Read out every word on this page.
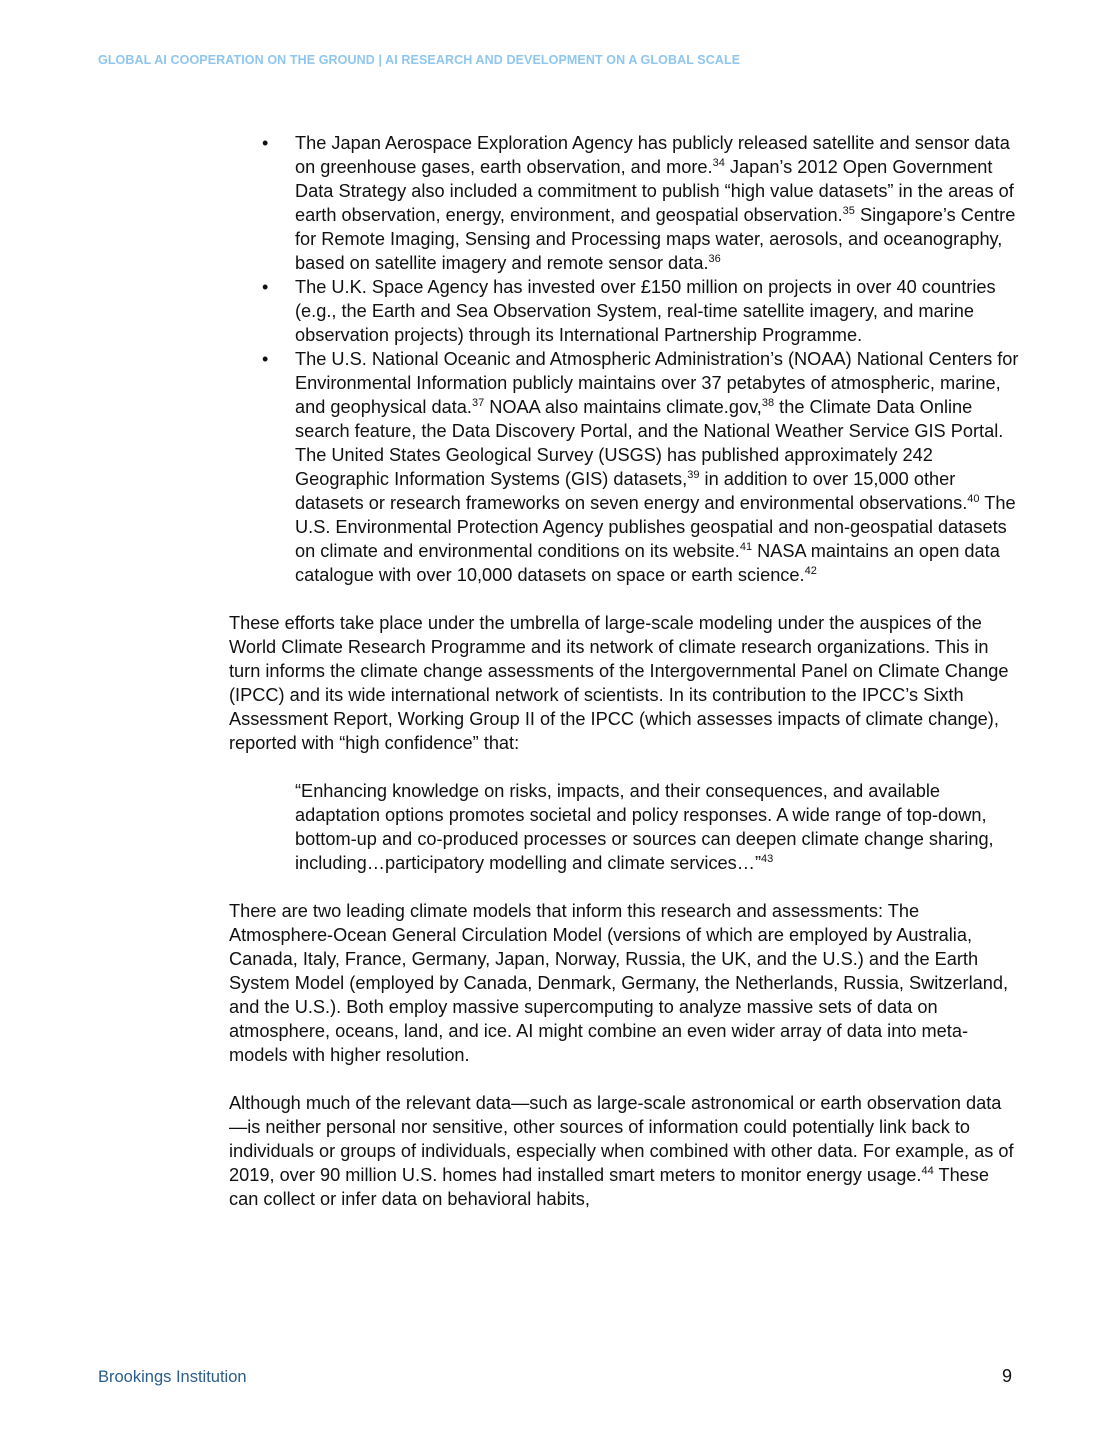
GLOBAL AI COOPERATION ON THE GROUND | AI RESEARCH AND DEVELOPMENT ON A GLOBAL SCALE
• The Japan Aerospace Exploration Agency has publicly released satellite and sensor data on greenhouse gases, earth observation, and more.$^{34}$ Japan’s 2012 Open Government Data Strategy also included a commitment to publish “high value datasets” in the areas of earth observation, energy, environment, and geospatial observation.$^{35}$ Singapore’s Centre for Remote Imaging, Sensing and Processing maps water, aerosols, and oceanography, based on satellite imagery and remote sensor data.$^{36}$
• The U.K. Space Agency has invested over £150 million on projects in over 40 countries (e.g., the Earth and Sea Observation System, real-time satellite imagery, and marine observation projects) through its International Partnership Programme.
• The U.S. National Oceanic and Atmospheric Administration’s (NOAA) National Centers for Environmental Information publicly maintains over 37 petabytes of atmospheric, marine, and geophysical data.$^{37}$ NOAA also maintains climate.gov,$^{38}$ the Climate Data Online search feature, the Data Discovery Portal, and the National Weather Service GIS Portal. The United States Geological Survey (USGS) has published approximately 242 Geographic Information Systems (GIS) datasets,$^{39}$ in addition to over 15,000 other datasets or research frameworks on seven energy and environmental observations.$^{40}$ The U.S. Environmental Protection Agency publishes geospatial and non-geospatial datasets on climate and environmental conditions on its website.$^{41}$ NASA maintains an open data catalogue with over 10,000 datasets on space or earth science.$^{42}$

These efforts take place under the umbrella of large-scale modeling under the auspices of the World Climate Research Programme and its network of climate research organizations. This in turn informs the climate change assessments of the Intergovernmental Panel on Climate Change (IPCC) and its wide international network of scientists. In its contribution to the IPCC’s Sixth Assessment Report, Working Group II of the IPCC (which assesses impacts of climate change), reported with “high confidence” that:

“Enhancing knowledge on risks, impacts, and their consequences, and available adaptation options promotes societal and policy responses. A wide range of top-down, bottom-up and co-produced processes or sources can deepen climate change sharing, including…participatory modelling and climate services…”$^{43}$

There are two leading climate models that inform this research and assessments: The Atmosphere-Ocean General Circulation Model (versions of which are employed by Australia, Canada, Italy, France, Germany, Japan, Norway, Russia, the UK, and the U.S.) and the Earth System Model (employed by Canada, Denmark, Germany, the Netherlands, Russia, Switzerland, and the U.S.). Both employ massive supercomputing to analyze massive sets of data on atmosphere, oceans, land, and ice. AI might combine an even wider array of data into meta-models with higher resolution.

Although much of the relevant data—such as large-scale astronomical or earth observation data—is neither personal nor sensitive, other sources of information could potentially link back to individuals or groups of individuals, especially when combined with other data. For example, as of 2019, over 90 million U.S. homes had installed smart meters to monitor energy usage.$^{44}$ These can collect or infer data on behavioral habits,

Brookings Institution	9
